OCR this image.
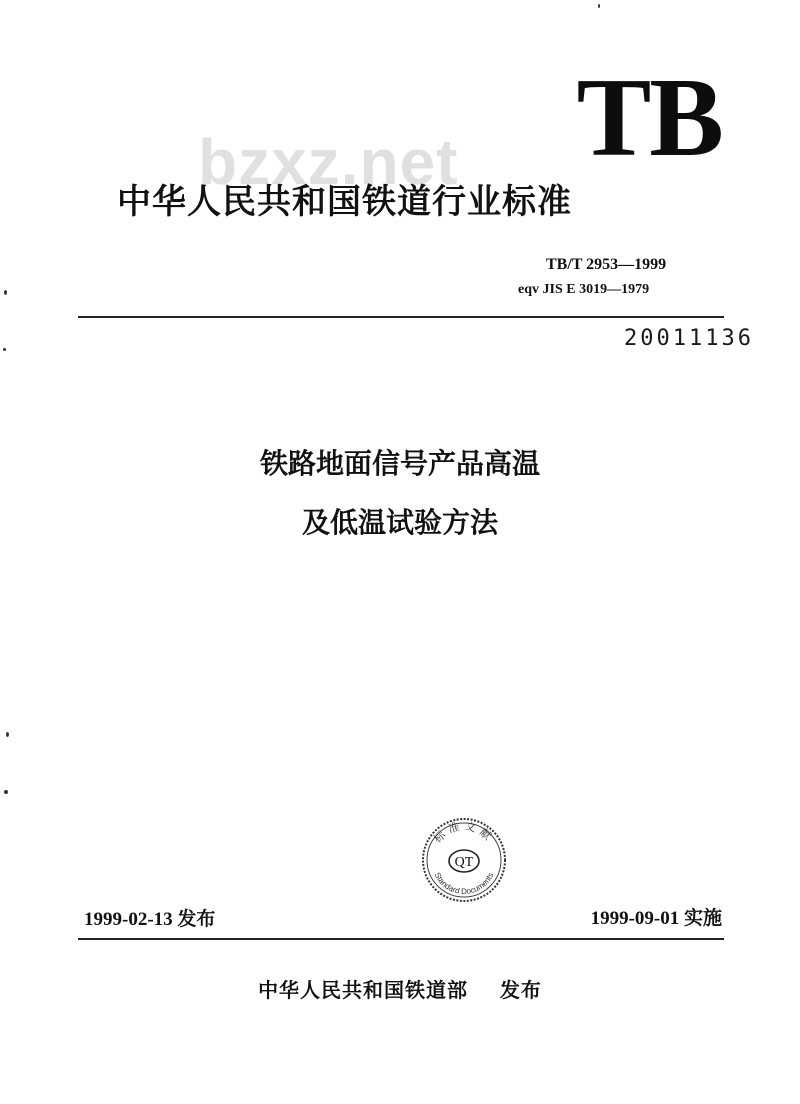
TB
bzxz.net
中华人民共和国铁道行业标准
TB/T 2953—1999
eqv JIS E 3019—1979
20011136
铁路地面信号产品高温
及低温试验方法
标准文献
QT
Standard Documents
1999-02-13 发布	1999-09-01 实施
中华人民共和国铁道部 发布
